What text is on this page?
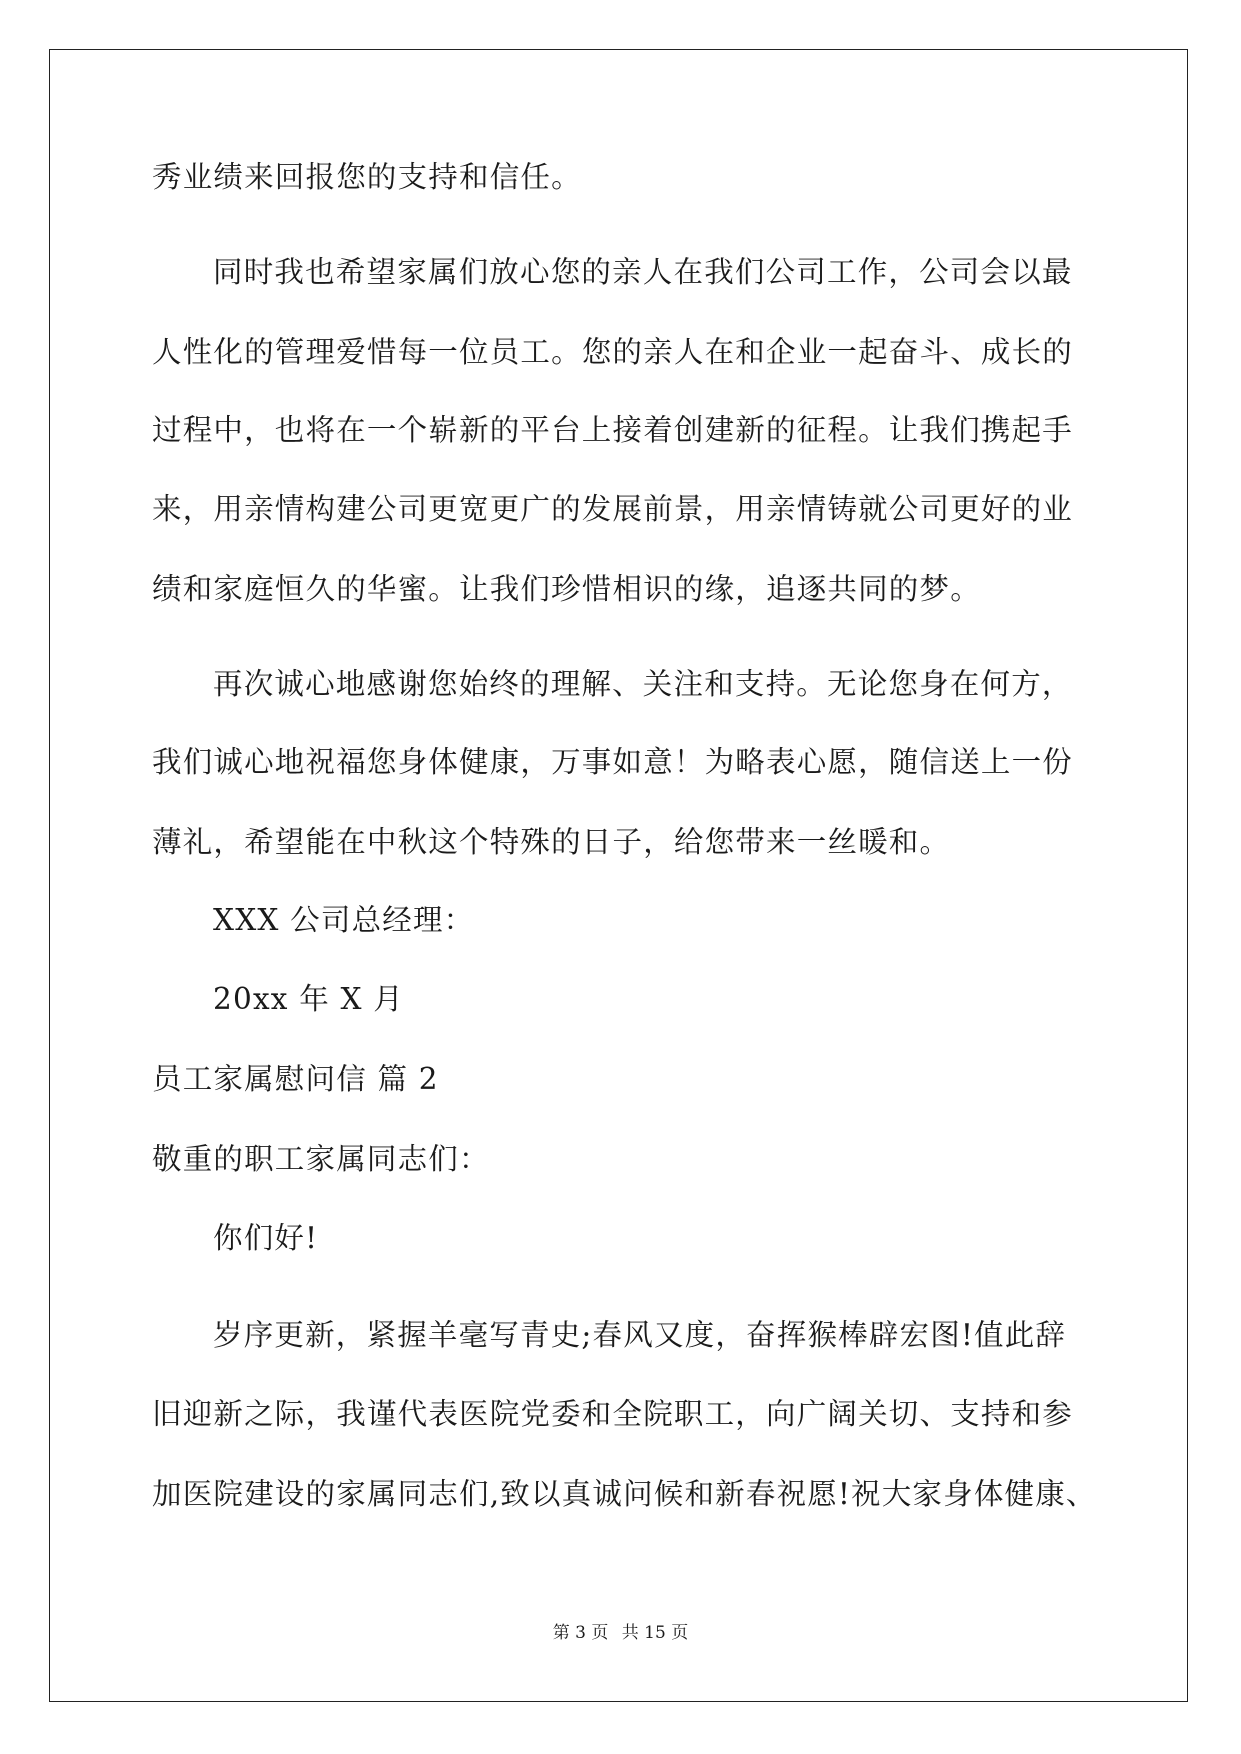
秀业绩来回报您的支持和信任。
同时我也希望家属们放心您的亲人在我们公司工作，公司会以最
人性化的管理爱惜每一位员工。您的亲人在和企业一起奋斗、成长的
过程中，也将在一个崭新的平台上接着创建新的征程。让我们携起手
来，用亲情构建公司更宽更广的发展前景，用亲情铸就公司更好的业
绩和家庭恒久的华蜜。让我们珍惜相识的缘，追逐共同的梦。
再次诚心地感谢您始终的理解、关注和支持。无论您身在何方，
我们诚心地祝福您身体健康，万事如意！为略表心愿，随信送上一份
薄礼，希望能在中秋这个特殊的日子，给您带来一丝暖和。
XXX 公司总经理：
20xx 年 X 月
员工家属慰问信 篇 2
敬重的职工家属同志们：
你们好!
岁序更新，紧握羊毫写青史;春风又度，奋挥猴棒辟宏图!值此辞
旧迎新之际，我谨代表医院党委和全院职工，向广阔关切、支持和参
加医院建设的家属同志们,致以真诚问候和新春祝愿!祝大家身体健康、
第 3 页 共 15 页
